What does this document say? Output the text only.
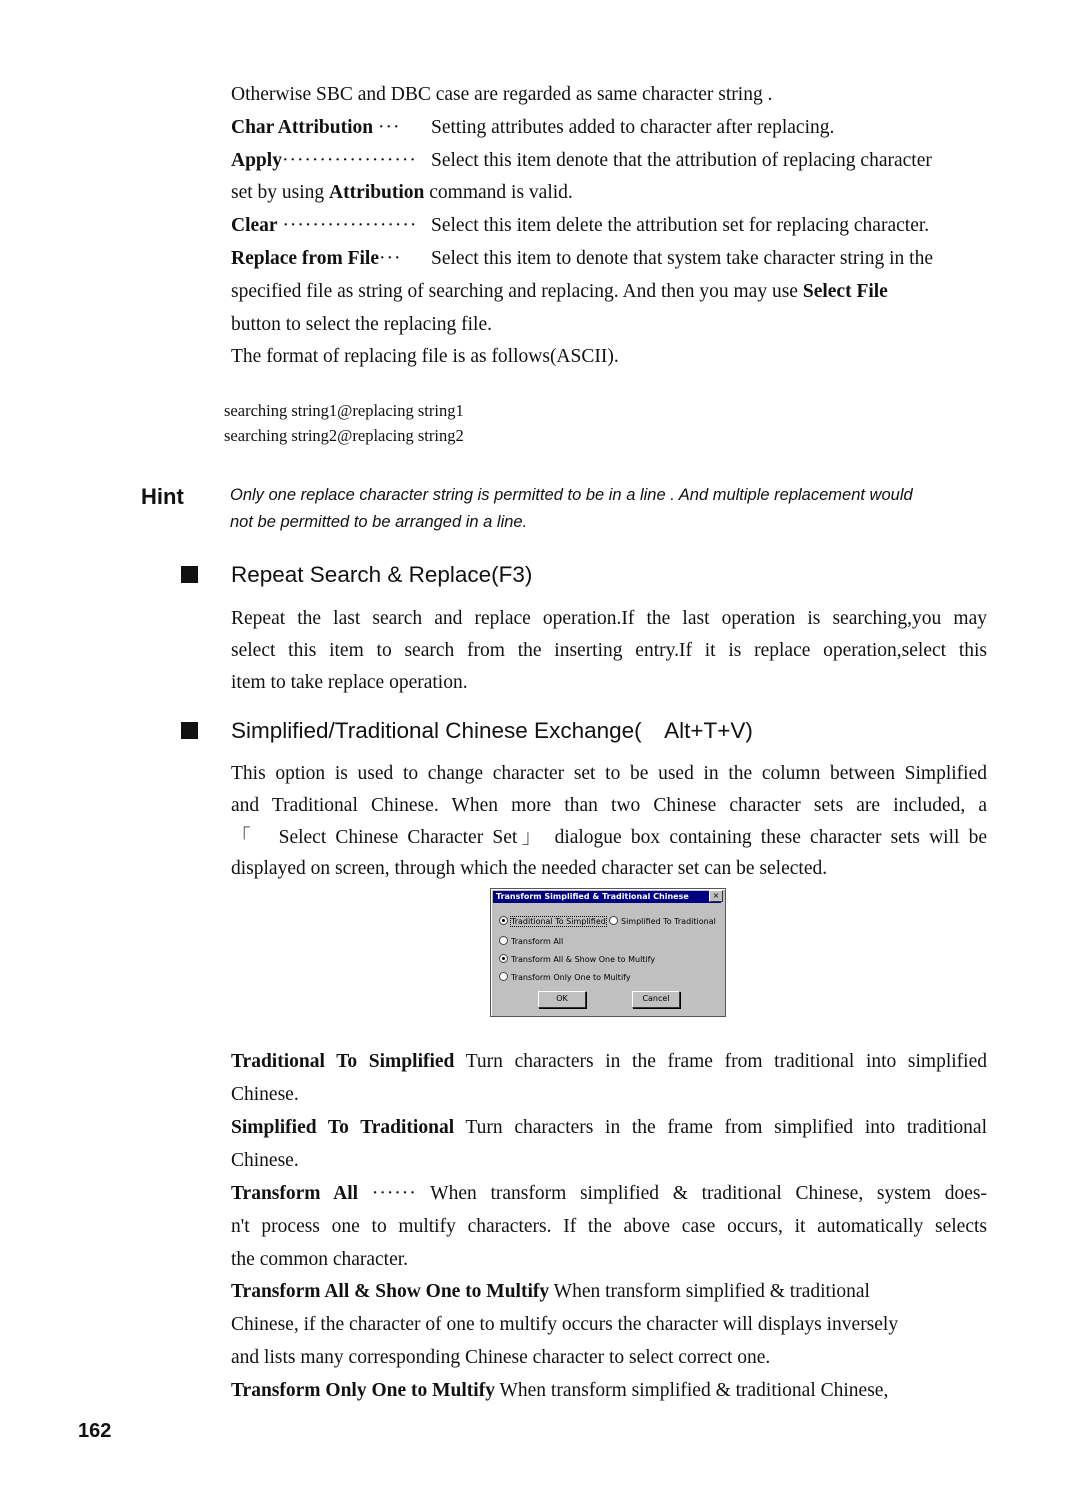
Otherwise SBC and DBC case are regarded as same character string .
Char Attribution ··· Setting attributes added to character after replacing.
Apply·················· Select this item denote that the attribution of replacing character
set by using Attribution command is valid.
Clear ·················· Select this item delete the attribution set for replacing character.
Replace from File··· Select this item to denote that system take character string in the
specified file as string of searching and replacing. And then you may use Select File
button to select the replacing file.
The format of replacing file is as follows(ASCII).
searching string1@replacing string1
searching string2@replacing string2
Hint	Only one replace character string is permitted to be in a line . And multiple replacement would
not be permitted to be arranged in a line.
Repeat Search & Replace(F3)
Repeat the last search and replace operation.If the last operation is searching,you may
select this item to search from the inserting entry.If it is replace operation,select this
item to take replace operation.
Simplified/Traditional Chinese Exchange(　Alt+T+V)
This option is used to change character set to be used in the column between Simplified
and Traditional Chinese. When more than two Chinese character sets are included, a
「　Select Chinese Character Set」 dialogue box containing these character sets will be
displayed on screen, through which the needed character set can be selected.
Transform Simplified & Traditional Chinese	×
Traditional To Simplified	Simplified To Traditional
Transform All
Transform All & Show One to Multify
Transform Only One to Multify
OK	Cancel
Traditional To Simplified Turn characters in the frame from traditional into simplified
Chinese.
Simplified To Traditional Turn characters in the frame from simplified into traditional
Chinese.
Transform All ······ When transform simplified & traditional Chinese, system does-
n't process one to multify characters. If the above case occurs, it automatically selects
the common character.
Transform All & Show One to Multify When transform simplified & traditional
Chinese, if the character of one to multify occurs the character will displays inversely
and lists many corresponding Chinese character to select correct one.
Transform Only One to Multify When transform simplified & traditional Chinese,
162
